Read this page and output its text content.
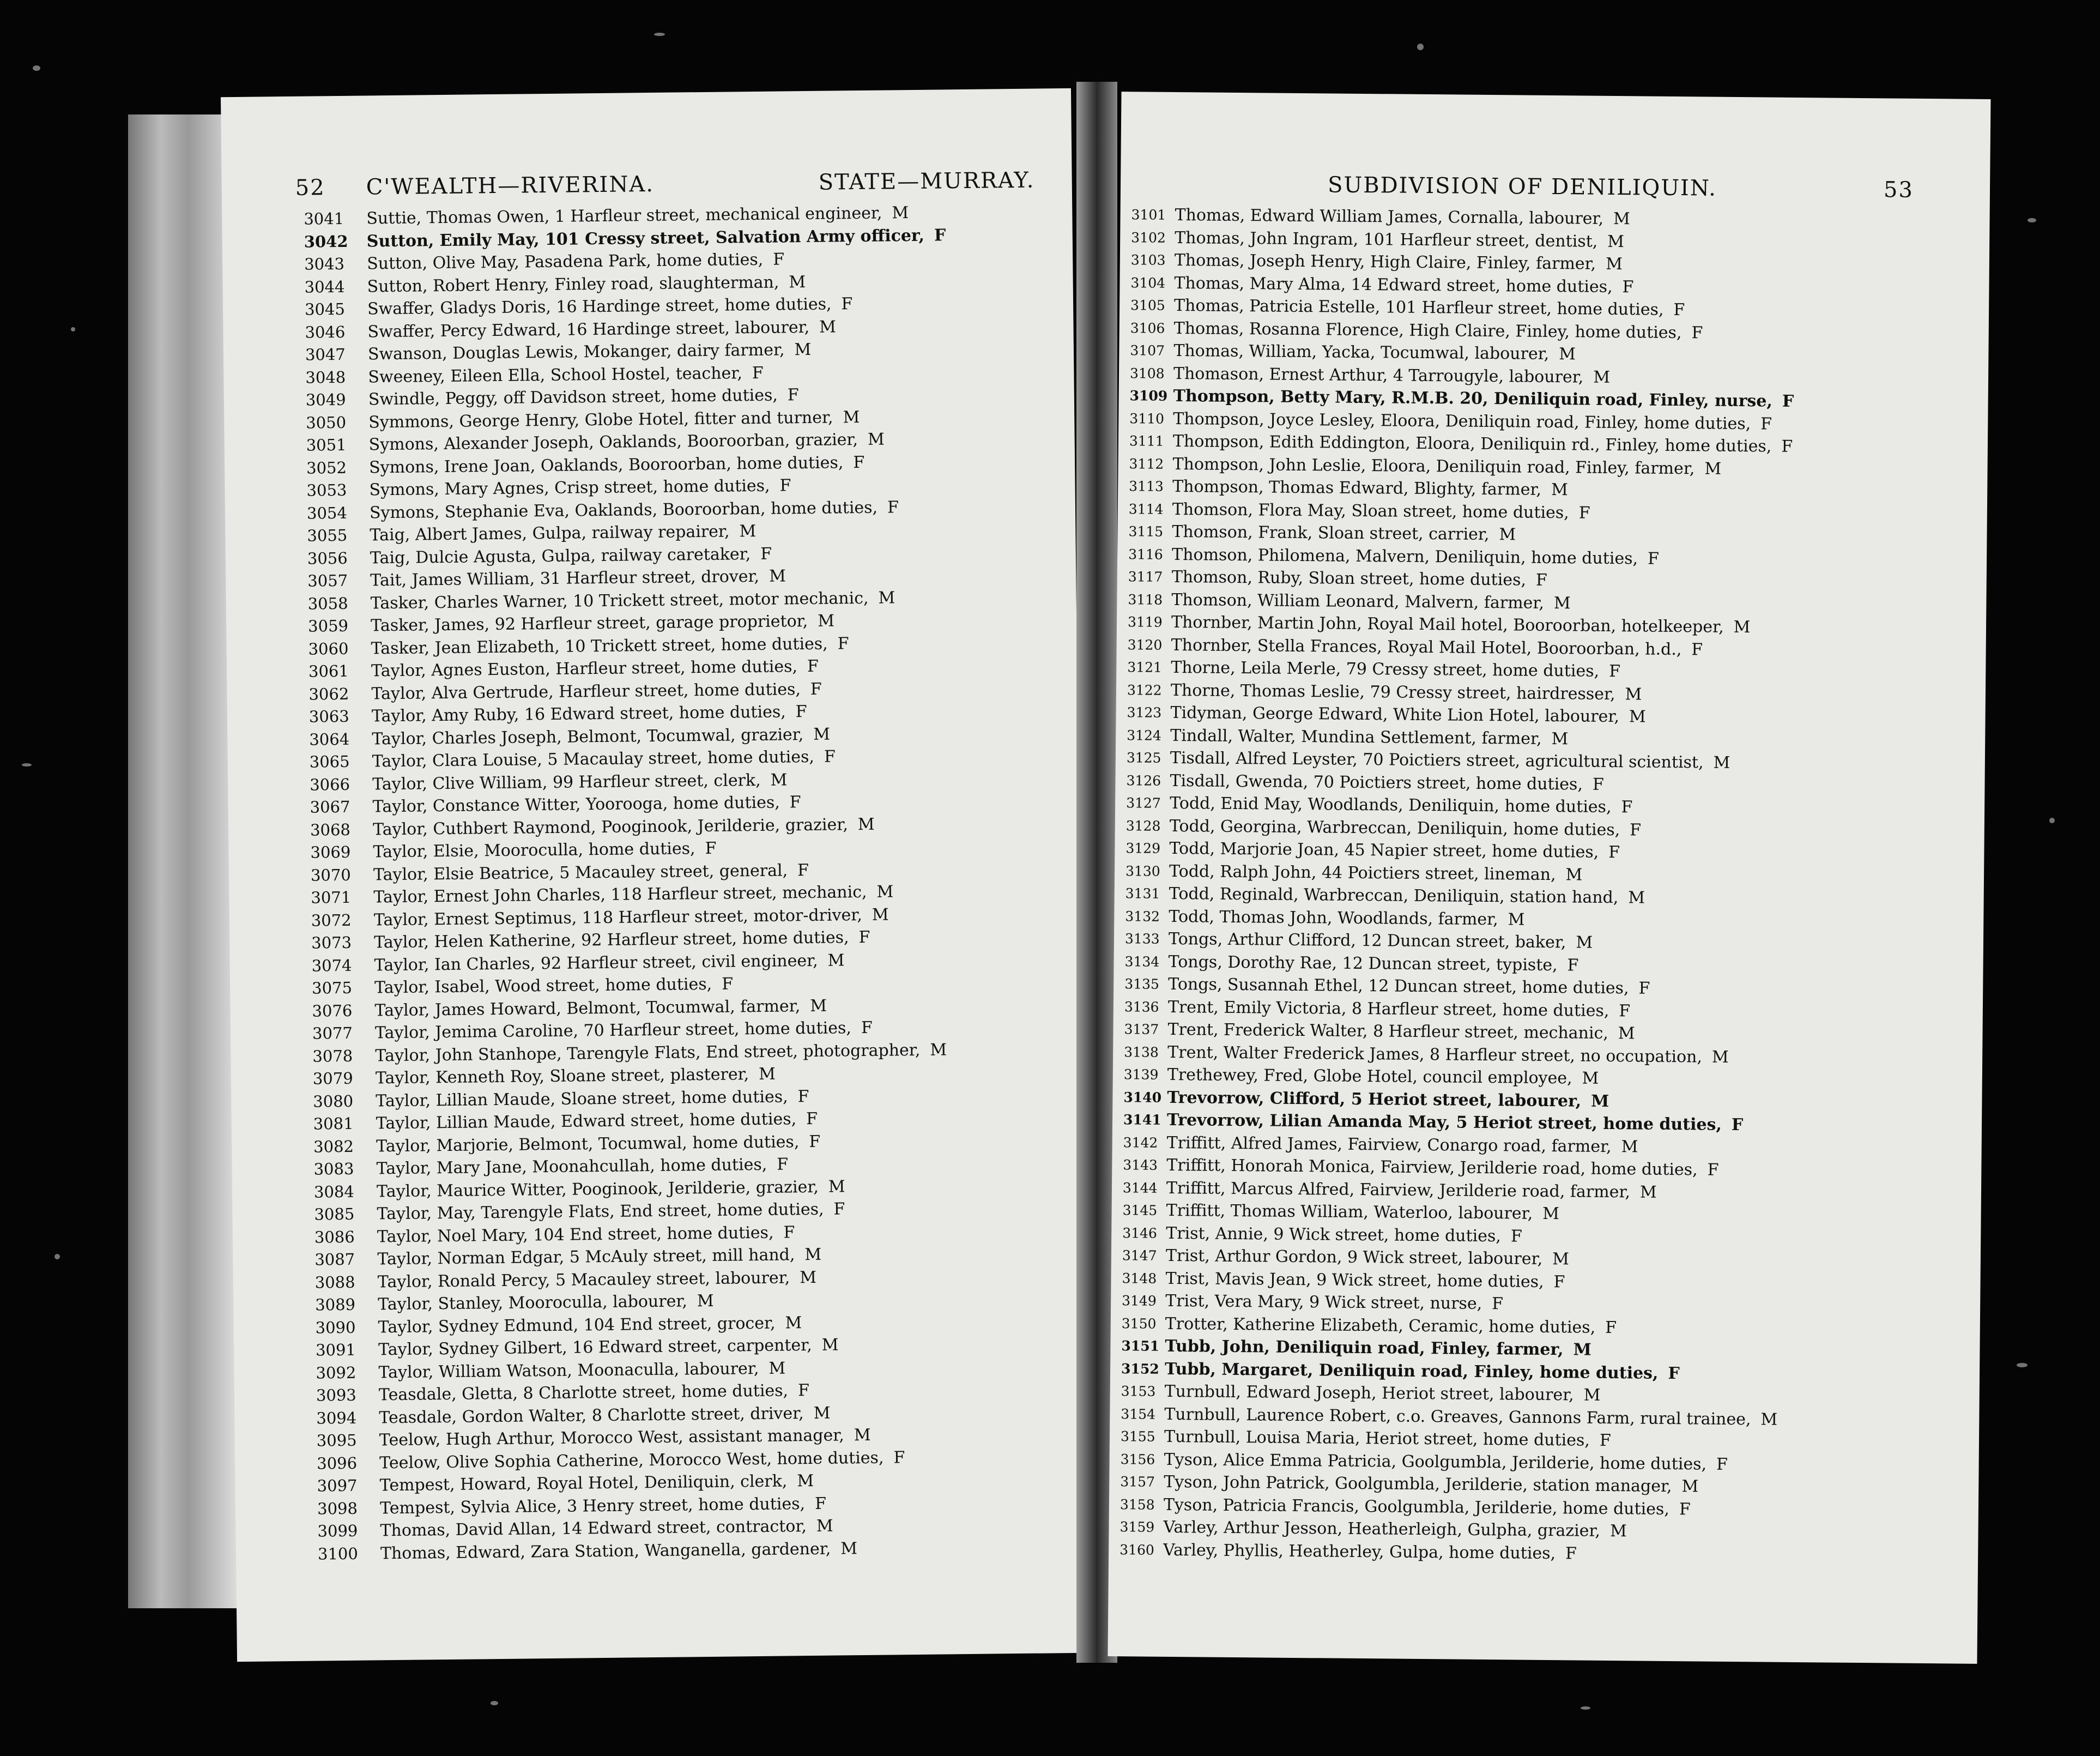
52 C'WEALTH—RIVERINA.	STATE—MURRAY.
3041	Suttie, Thomas Owen, 1 Harfleur street, mechanical engineer, M
3042	Sutton, Emily May, 101 Cressy street, Salvation Army officer, F
3043	Sutton, Olive May, Pasadena Park, home duties, F
3044	Sutton, Robert Henry, Finley road, slaughterman, M
3045	Swaffer, Gladys Doris, 16 Hardinge street, home duties, F
3046	Swaffer, Percy Edward, 16 Hardinge street, labourer, M
3047	Swanson, Douglas Lewis, Mokanger, dairy farmer, M
3048	Sweeney, Eileen Ella, School Hostel, teacher, F
3049	Swindle, Peggy, off Davidson street, home duties, F
3050	Symmons, George Henry, Globe Hotel, fitter and turner, M
3051	Symons, Alexander Joseph, Oaklands, Booroorban, grazier, M
3052	Symons, Irene Joan, Oaklands, Booroorban, home duties, F
3053	Symons, Mary Agnes, Crisp street, home duties, F
3054	Symons, Stephanie Eva, Oaklands, Booroorban, home duties, F
3055	Taig, Albert James, Gulpa, railway repairer, M
3056	Taig, Dulcie Agusta, Gulpa, railway caretaker, F
3057	Tait, James William, 31 Harfleur street, drover, M
3058	Tasker, Charles Warner, 10 Trickett street, motor mechanic, M
3059	Tasker, James, 92 Harfleur street, garage proprietor, M
3060	Tasker, Jean Elizabeth, 10 Trickett street, home duties, F
3061	Taylor, Agnes Euston, Harfleur street, home duties, F
3062	Taylor, Alva Gertrude, Harfleur street, home duties, F
3063	Taylor, Amy Ruby, 16 Edward street, home duties, F
3064	Taylor, Charles Joseph, Belmont, Tocumwal, grazier, M
3065	Taylor, Clara Louise, 5 Macaulay street, home duties, F
3066	Taylor, Clive William, 99 Harfleur street, clerk, M
3067	Taylor, Constance Witter, Yooroogа, home duties, F
3068	Taylor, Cuthbert Raymond, Pooginook, Jerilderie, grazier, M
3069	Taylor, Elsie, Mooroculla, home duties, F
3070	Taylor, Elsie Beatrice, 5 Macauley street, general, F
3071	Taylor, Ernest John Charles, 118 Harfleur street, mechanic, M
3072	Taylor, Ernest Septimus, 118 Harfleur street, motor-driver, M
3073	Taylor, Helen Katherine, 92 Harfleur street, home duties, F
3074	Taylor, Ian Charles, 92 Harfleur street, civil engineer, M
3075	Taylor, Isabel, Wood street, home duties, F
3076	Taylor, James Howard, Belmont, Tocumwal, farmer, M
3077	Taylor, Jemima Caroline, 70 Harfleur street, home duties, F
3078	Taylor, John Stanhope, Tarengyle Flats, End street, photographer, M
3079	Taylor, Kenneth Roy, Sloane street, plasterer, M
3080	Taylor, Lillian Maude, Sloane street, home duties, F
3081	Taylor, Lillian Maude, Edward street, home duties, F
3082	Taylor, Marjorie, Belmont, Tocumwal, home duties, F
3083	Taylor, Mary Jane, Moonahcullah, home duties, F
3084	Taylor, Maurice Witter, Pooginook, Jerilderie, grazier, M
3085	Taylor, May, Tarengyle Flats, End street, home duties, F
3086	Taylor, Noel Mary, 104 End street, home duties, F
3087	Taylor, Norman Edgar, 5 McAuly street, mill hand, M
3088	Taylor, Ronald Percy, 5 Macauley street, labourer, M
3089	Taylor, Stanley, Mooroculla, labourer, M
3090	Taylor, Sydney Edmund, 104 End street, grocer, M
3091	Taylor, Sydney Gilbert, 16 Edward street, carpenter, M
3092	Taylor, William Watson, Moonaculla, labourer, M
3093	Teasdale, Gletta, 8 Charlotte street, home duties, F
3094	Teasdale, Gordon Walter, 8 Charlotte street, driver, M
3095	Teelow, Hugh Arthur, Morocco West, assistant manager, M
3096	Teelow, Olive Sophia Catherine, Morocco West, home duties, F
3097	Tempest, Howard, Royal Hotel, Deniliquin, clerk, M
3098	Tempest, Sylvia Alice, 3 Henry street, home duties, F
3099	Thomas, David Allan, 14 Edward street, contractor, M
3100	Thomas, Edward, Zara Station, Wanganella, gardener, M
SUBDIVISION OF DENILIQUIN.	53
3101 Thomas, Edward William James, Cornalla, labourer, M
3102 Thomas, John Ingram, 101 Harfleur street, dentist, M
3103 Thomas, Joseph Henry, High Claire, Finley, farmer, M
3104 Thomas, Mary Alma, 14 Edward street, home duties, F
3105 Thomas, Patricia Estelle, 101 Harfleur street, home duties, F
3106 Thomas, Rosanna Florence, High Claire, Finley, home duties, F
3107 Thomas, William, Yacka, Tocumwal, labourer, M
3108 Thomason, Ernest Arthur, 4 Tarrougyle, labourer, M
3109 Thompson, Betty Mary, R.M.B. 20, Deniliquin road, Finley, nurse, F
3110 Thompson, Joyce Lesley, Eloora, Deniliquin road, Finley, home duties, F
3111 Thompson, Edith Eddington, Eloora, Deniliquin rd., Finley, home duties, F
3112 Thompson, John Leslie, Eloora, Deniliquin road, Finley, farmer, M
3113 Thompson, Thomas Edward, Blighty, farmer, M
3114 Thomson, Flora May, Sloan street, home duties, F
3115 Thomson, Frank, Sloan street, carrier, M
3116 Thomson, Philomena, Malvern, Deniliquin, home duties, F
3117 Thomson, Ruby, Sloan street, home duties, F
3118 Thomson, William Leonard, Malvern, farmer, M
3119 Thornber, Martin John, Royal Mail hotel, Booroorban, hotelkeeper, M
3120 Thornber, Stella Frances, Royal Mail Hotel, Booroorban, h.d., F
3121 Thorne, Leila Merle, 79 Cressy street, home duties, F
3122 Thorne, Thomas Leslie, 79 Cressy street, hairdresser, M
3123 Tidyman, George Edward, White Lion Hotel, labourer, M
3124 Tindall, Walter, Mundina Settlement, farmer, M
3125 Tisdall, Alfred Leyster, 70 Poictiers street, agricultural scientist, M
3126 Tisdall, Gwenda, 70 Poictiers street, home duties, F
3127 Todd, Enid May, Woodlands, Deniliquin, home duties, F
3128 Todd, Georgina, Warbreccan, Deniliquin, home duties, F
3129 Todd, Marjorie Joan, 45 Napier street, home duties, F
3130 Todd, Ralph John, 44 Poictiers street, lineman, M
3131 Todd, Reginald, Warbreccan, Deniliquin, station hand, M
3132 Todd, Thomas John, Woodlands, farmer, M
3133 Tongs, Arthur Clifford, 12 Duncan street, baker, M
3134 Tongs, Dorothy Rae, 12 Duncan street, typiste, F
3135 Tongs, Susannah Ethel, 12 Duncan street, home duties, F
3136 Trent, Emily Victoria, 8 Harfleur street, home duties, F
3137 Trent, Frederick Walter, 8 Harfleur street, mechanic, M
3138 Trent, Walter Frederick James, 8 Harfleur street, no occupation, M
3139 Trethewey, Fred, Globe Hotel, council employee, M
3140 Trevorrow, Clifford, 5 Heriot street, labourer, M
3141 Trevorrow, Lilian Amanda May, 5 Heriot street, home duties, F
3142 Triffitt, Alfred James, Fairview, Conargo road, farmer, M
3143 Triffitt, Honorah Monica, Fairview, Jerilderie road, home duties, F
3144 Triffitt, Marcus Alfred, Fairview, Jerilderie road, farmer, M
3145 Triffitt, Thomas William, Waterloo, labourer, M
3146 Trist, Annie, 9 Wick street, home duties, F
3147 Trist, Arthur Gordon, 9 Wick street, labourer, M
3148 Trist, Mavis Jean, 9 Wick street, home duties, F
3149 Trist, Vera Mary, 9 Wick street, nurse, F
3150 Trotter, Katherine Elizabeth, Ceramic, home duties, F
3151 Tubb, John, Deniliquin road, Finley, farmer, M
3152 Tubb, Margaret, Deniliquin road, Finley, home duties, F
3153 Turnbull, Edward Joseph, Heriot street, labourer, M
3154 Turnbull, Laurence Robert, c.o. Greaves, Gannons Farm, rural trainee, M
3155 Turnbull, Louisa Maria, Heriot street, home duties, F
3156 Tyson, Alice Emma Patricia, Goolgumbla, Jerilderie, home duties, F
3157 Tyson, John Patrick, Goolgumbla, Jerilderie, station manager, M
3158 Tyson, Patricia Francis, Goolgumbla, Jerilderie, home duties, F
3159 Varley, Arthur Jesson, Heatherleigh, Gulpha, grazier, M
3160 Varley, Phyllis, Heatherley, Gulpa, home duties, F
